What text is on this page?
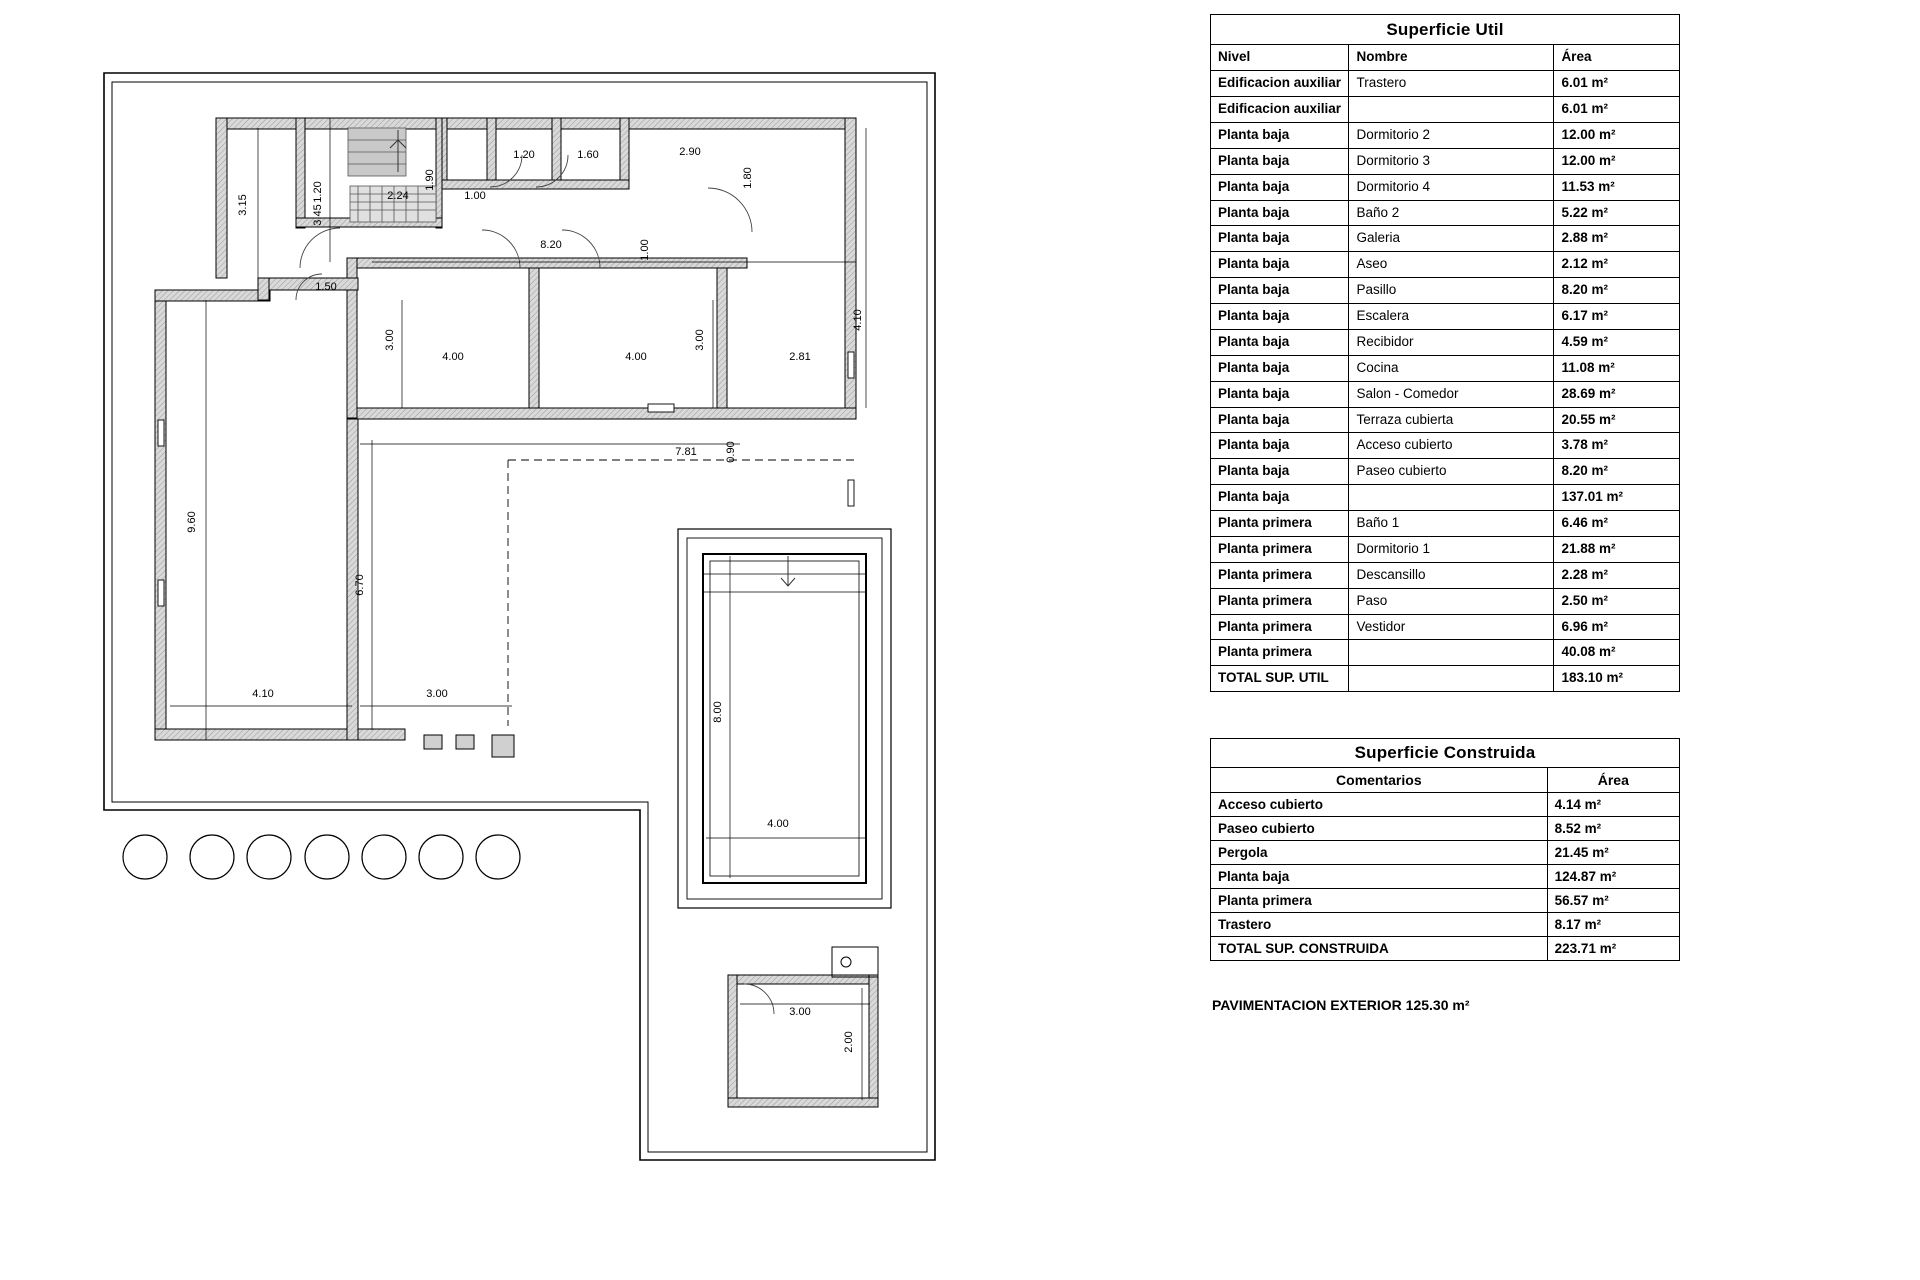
3.15
1.20
3.45
2.24
1.90
1.00
1.20	1.60	2.90
1.80
1.50
8.20	1.00
4.10
3.00
4.00	4.00
3.00
2.81
7.81	0.90
9.60
6.70
4.10	3.00
8.00
4.00
3.00
2.00
Superficie Util		
Nivel	Nombre	Área
Edificacion auxiliar	Trastero	6.01 m²
Edificacion auxiliar		6.01 m²
Planta baja	Dormitorio 2	12.00 m²
Planta baja	Dormitorio 3	12.00 m²
Planta baja	Dormitorio 4	11.53 m²
Planta baja	Baño 2	5.22 m²
Planta baja	Galeria	2.88 m²
Planta baja	Aseo	2.12 m²
Planta baja	Pasillo	8.20 m²
Planta baja	Escalera	6.17 m²
Planta baja	Recibidor	4.59 m²
Planta baja	Cocina	11.08 m²
Planta baja	Salon - Comedor	28.69 m²
Planta baja	Terraza cubierta	20.55 m²
Planta baja	Acceso cubierto	3.78 m²
Planta baja	Paseo cubierto	8.20 m²
Planta baja		137.01 m²
Planta primera	Baño 1	6.46 m²
Planta primera	Dormitorio 1	21.88 m²
Planta primera	Descansillo	2.28 m²
Planta primera	Paso	2.50 m²
Planta primera	Vestidor	6.96 m²
Planta primera		40.08 m²
TOTAL SUP. UTIL		183.10 m²
Superficie Construida	
Comentarios	Área
Acceso cubierto	4.14 m²
Paseo cubierto	8.52 m²
Pergola	21.45 m²
Planta baja	124.87 m²
Planta primera	56.57 m²
Trastero	8.17 m²
TOTAL SUP. CONSTRUIDA	223.71 m²
PAVIMENTACION EXTERIOR 125.30 m²
